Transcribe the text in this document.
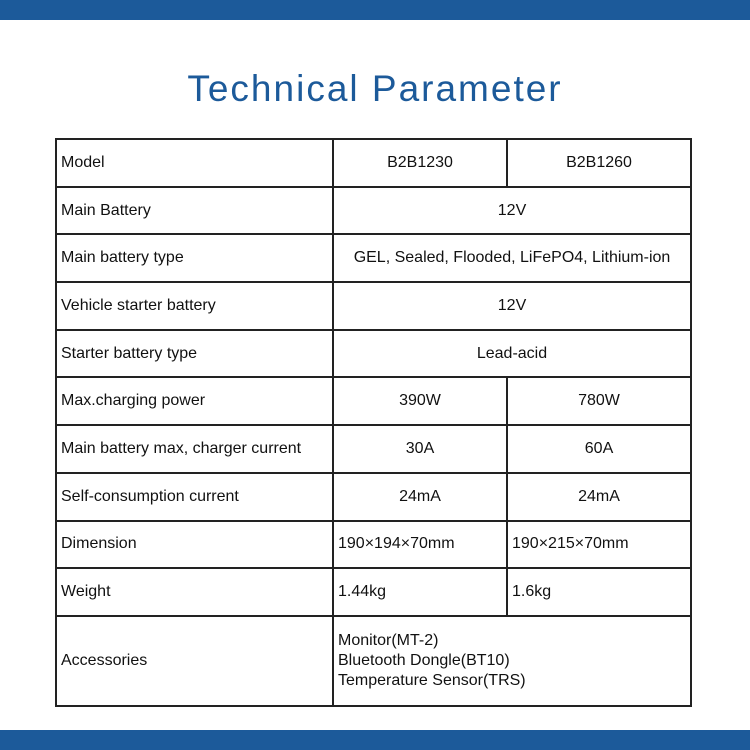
Technical Parameter
Model	B2B1230	B2B1260
Main Battery	12V	
Main battery type	GEL, Sealed, Flooded, LiFePO4, Lithium-ion	
Vehicle starter battery	12V	
Starter battery type	Lead-acid	
Max.charging power	390W	780W
Main battery max, charger current	30A	60A
Self-consumption current	24mA	24mA
Dimension	190×194×70mm	190×215×70mm
Weight	1.44kg	1.6kg
Accessories	Monitor(MT-2)
Bluetooth Dongle(BT10)
Temperature Sensor(TRS)	
